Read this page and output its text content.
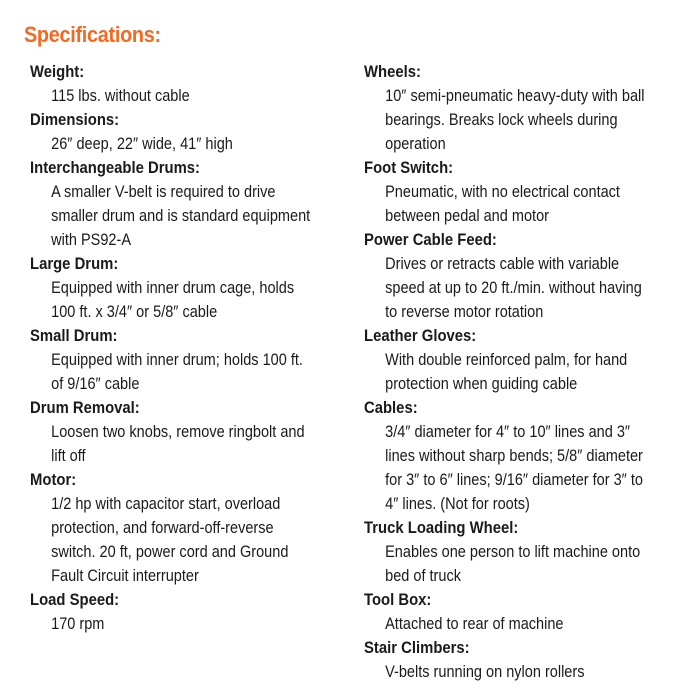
Specifications:
Weight:
115 lbs. without cable
Dimensions:
26″ deep, 22″ wide, 41″ high
Interchangeable Drums:
A smaller V-belt is required to drive
smaller drum and is standard equipment
with PS92-A
Large Drum:
Equipped with inner drum cage, holds
100 ft. x 3/4″ or 5/8″ cable
Small Drum:
Equipped with inner drum; holds 100 ft.
of 9/16″ cable
Drum Removal:
Loosen two knobs, remove ringbolt and
lift off
Motor:
1/2 hp with capacitor start, overload
protection, and forward-off-reverse
switch. 20 ft, power cord and Ground
Fault Circuit interrupter
Load Speed:
170 rpm
Wheels:
10″ semi-pneumatic heavy-duty with ball
bearings. Breaks lock wheels during
operation
Foot Switch:
Pneumatic, with no electrical contact
between pedal and motor
Power Cable Feed:
Drives or retracts cable with variable
speed at up to 20 ft./min. without having
to reverse motor rotation
Leather Gloves:
With double reinforced palm, for hand
protection when guiding cable
Cables:
3/4″ diameter for 4″ to 10″ lines and 3″
lines without sharp bends; 5/8″ diameter
for 3″ to 6″ lines; 9/16″ diameter for 3″ to
4″ lines. (Not for roots)
Truck Loading Wheel:
Enables one person to lift machine onto
bed of truck
Tool Box:
Attached to rear of machine
Stair Climbers:
V-belts running on nylon rollers
